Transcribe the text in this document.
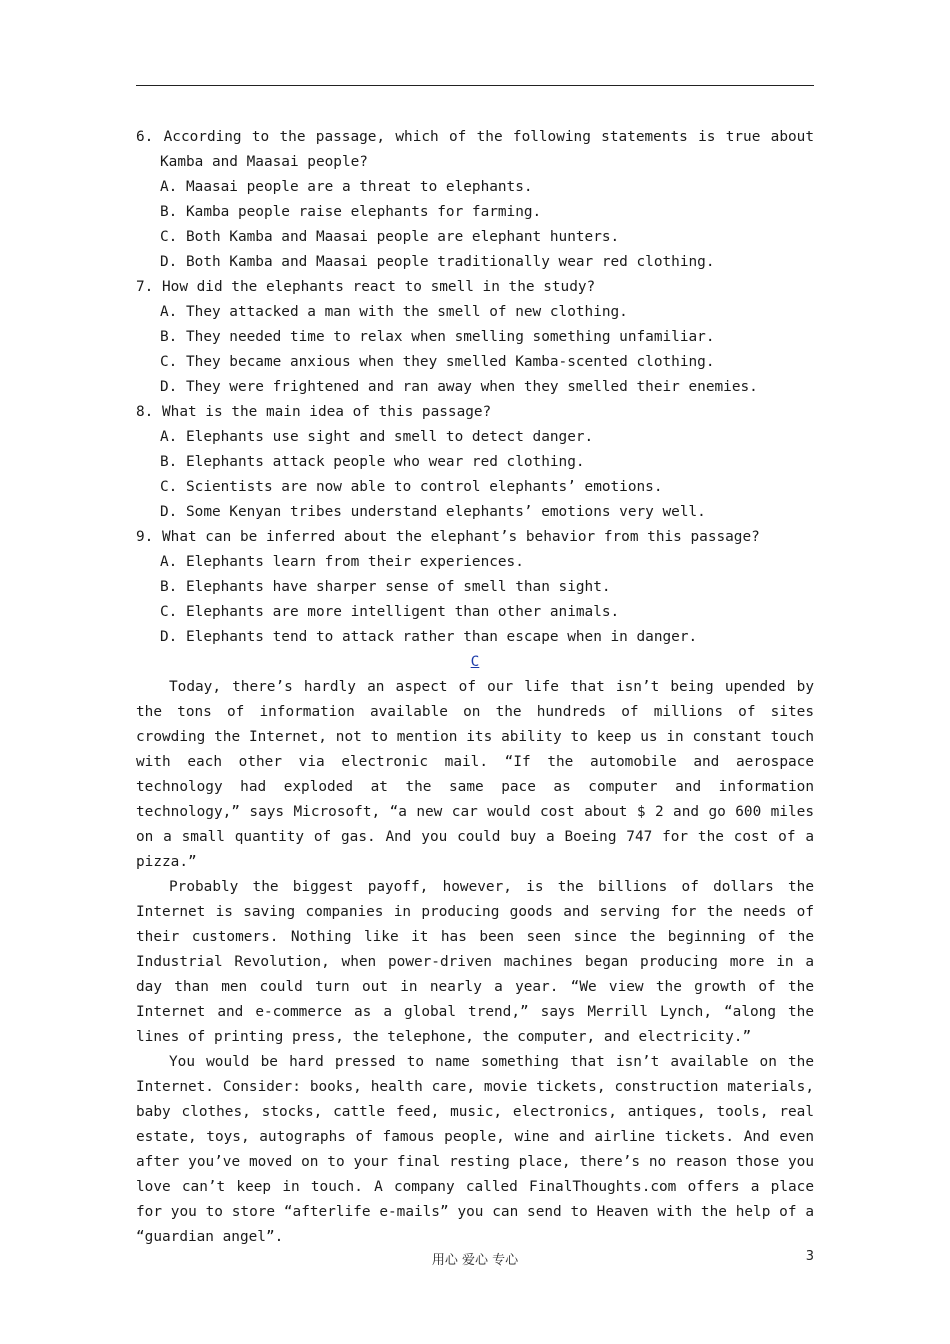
6. According to the passage, which of the following statements is true about Kamba and Maasai people?

A. Maasai people are a threat to elephants.

B. Kamba people raise elephants for farming.

C. Both Kamba and Maasai people are elephant hunters.

D. Both Kamba and Maasai people traditionally wear red clothing.

7. How did the elephants react to smell in the study?

A. They attacked a man with the smell of new clothing.

B. They needed time to relax when smelling something unfamiliar.

C. They became anxious when they smelled Kamba-scented clothing.

D. They were frightened and ran away when they smelled their enemies.

8. What is the main idea of this passage?

A. Elephants use sight and smell to detect danger.

B. Elephants attack people who wear red clothing.

C. Scientists are now able to control elephants’ emotions.

D. Some Kenyan tribes understand elephants’ emotions very well.

9. What can be inferred about the elephant’s behavior from this passage?

A. Elephants learn from their experiences.

B. Elephants have sharper sense of smell than sight.

C. Elephants are more intelligent than other animals.

D. Elephants tend to attack rather than escape when in danger.

C

Today, there’s hardly an aspect of our life that isn’t being upended by the tons of information available on the hundreds of millions of sites crowding the Internet, not to mention its ability to keep us in constant touch with each other via electronic mail. “If the automobile and aerospace technology had exploded at the same pace as computer and information technology,” says Microsoft, “a new car would cost about $ 2 and go 600 miles on a small quantity of gas. And you could buy a Boeing 747 for the cost of a pizza.”

Probably the biggest payoff, however, is the billions of dollars the Internet is saving companies in producing goods and serving for the needs of their customers. Nothing like it has been seen since the beginning of the Industrial Revolution, when power-driven machines began producing more in a day than men could turn out in nearly a year. “We view the growth of the Internet and e-commerce as a global trend,” says Merrill Lynch, “along the lines of printing press, the telephone, the computer, and electricity.”

You would be hard pressed to name something that isn’t available on the Internet. Consider: books, health care, movie tickets, construction materials, baby clothes, stocks, cattle feed, music, electronics, antiques, tools, real estate, toys, autographs of famous people, wine and airline tickets. And even after you’ve moved on to your final resting place, there’s no reason those you love can’t keep in touch. A company called FinalThoughts.com offers a place for you to store “afterlife e-mails” you can send to Heaven with the help of a “guardian angel”.

用心 爱心 专心	3
